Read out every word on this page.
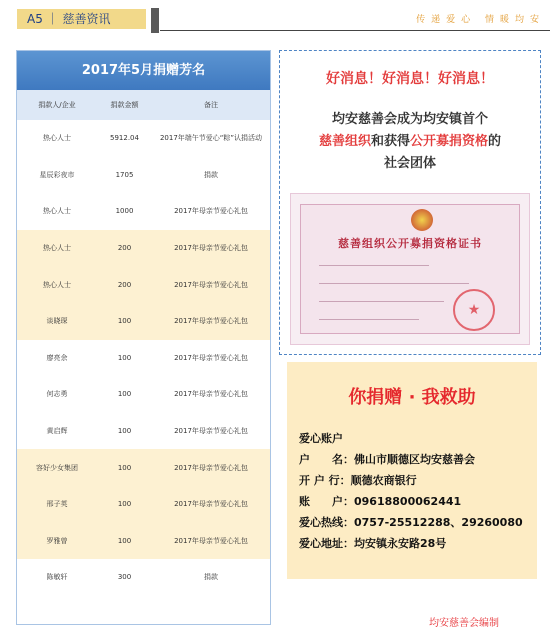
A5 ｜ 慈善资讯	传递爱心 情暖均安
2017年5月捐赠芳名
捐款人/企业	捐款金额	备注
热心人士	5912.04	2017年端午节爱心“粽”认捐活动
星辰彩夜市	1705	捐款
热心人士	1000	2017年母亲节爱心礼包
热心人士	200	2017年母亲节爱心礼包
热心人士	200	2017年母亲节爱心礼包
谈晓琛	100	2017年母亲节爱心礼包
廖亮余	100	2017年母亲节爱心礼包
何志勇	100	2017年母亲节爱心礼包
黄启辉	100	2017年母亲节爱心礼包
容好少女集团	100	2017年母亲节爱心礼包
邢子英	100	2017年母亲节爱心礼包
罗雅曾	100	2017年母亲节爱心礼包
陈敏轩	300	捐款
好消息！好消息！好消息！
均安慈善会成为均安镇首个
慈善组织和获得公开募捐资格的
社会团体
慈善组织公开募捐资格证书
★
你捐赠 · 我救助
爱心账户
户　　名：佛山市顺德区均安慈善会
开 户 行：顺德农商银行
账　　户：09618800062441
爱心热线：0757-25512288、29260080
爱心地址：均安镇永安路28号
均安慈善会编制
